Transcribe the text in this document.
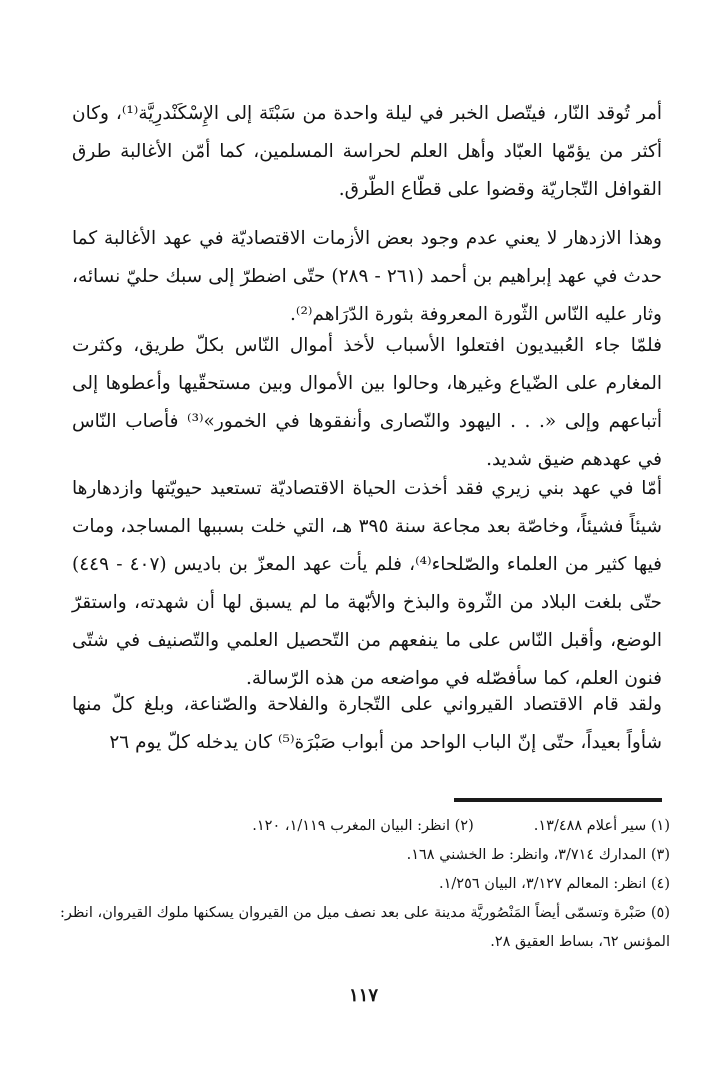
أمر تُوقد النّار، فيتّصل الخبر في ليلة واحدة من سَبْتَة إلى الإِسْكَنْدرِيَّة⁽¹⁾، وكان أكثر من يؤمّها العبّاد وأهل العلم لحراسة المسلمين، كما أمّن الأغالبة طرق القوافل التّجاريّة وقضوا على قطّاع الطّرق.

وهذا الازدهار لا يعني عدم وجود بعض الأزمات الاقتصاديّة في عهد الأغالبة كما حدث في عهد إبراهيم بن أحمد (٢٦١ - ٢٨٩) حتّى اضطرّ إلى سبك حليّ نسائه، وثار عليه النّاس الثّورة المعروفة بثورة الدّرَاهم⁽²⁾.

فلمّا جاء العُبيديون افتعلوا الأسباب لأخذ أموال النّاس بكلّ طريق، وكثرت المغارم على الضّياع وغيرها، وحالوا بين الأموال وبين مستحقّيها وأعطوها إلى أتباعهم وإلى «. . . اليهود والنّصارى وأنفقوها في الخمور»⁽³⁾ فأصاب النّاس في عهدهم ضيق شديد.

أمّا في عهد بني زيري فقد أخذت الحياة الاقتصاديّة تستعيد حيويّتها وازدهارها شيئاً فشيئاً، وخاصّة بعد مجاعة سنة ٣٩٥ هـ، التي خلت بسببها المساجد، ومات فيها كثير من العلماء والصّلحاء⁽⁴⁾، فلم يأت عهد المعزّ بن باديس (٤٠٧ - ٤٤٩) حتّى بلغت البلاد من الثّروة والبذخ والأبّهة ما لم يسبق لها أن شهدته، واستقرّ الوضع، وأقبل النّاس على ما ينفعهم من التّحصيل العلمي والتّصنيف في شتّى فنون العلم، كما سأفصّله في مواضعه من هذه الرّسالة.

ولقد قام الاقتصاد القيرواني على التّجارة والفلاحة والصّناعة، وبلغ كلّ منها شأواً بعيداً، حتّى إنّ الباب الواحد من أبواب صَبْرَة⁽⁵⁾ كان يدخله كلّ يوم ٢٦

(١) سير أعلام ١٣/٤٨٨.

(٢) انظر: البيان المغرب ١/١١٩، ١٢٠.

(٣) المدارك ٣/٧١٤، وانظر: ط الخشني ١٦٨.

(٤) انظر: المعالم ٣/١٢٧، البيان ١/٢٥٦.

(٥) صَبْرة وتسمّى أيضاً المَنْصُوريَّة مدينة على بعد نصف ميل من القيروان يسكنها ملوك القيروان، انظر: المؤنس ٦٢، بساط العقيق ٢٨.

١١٧
